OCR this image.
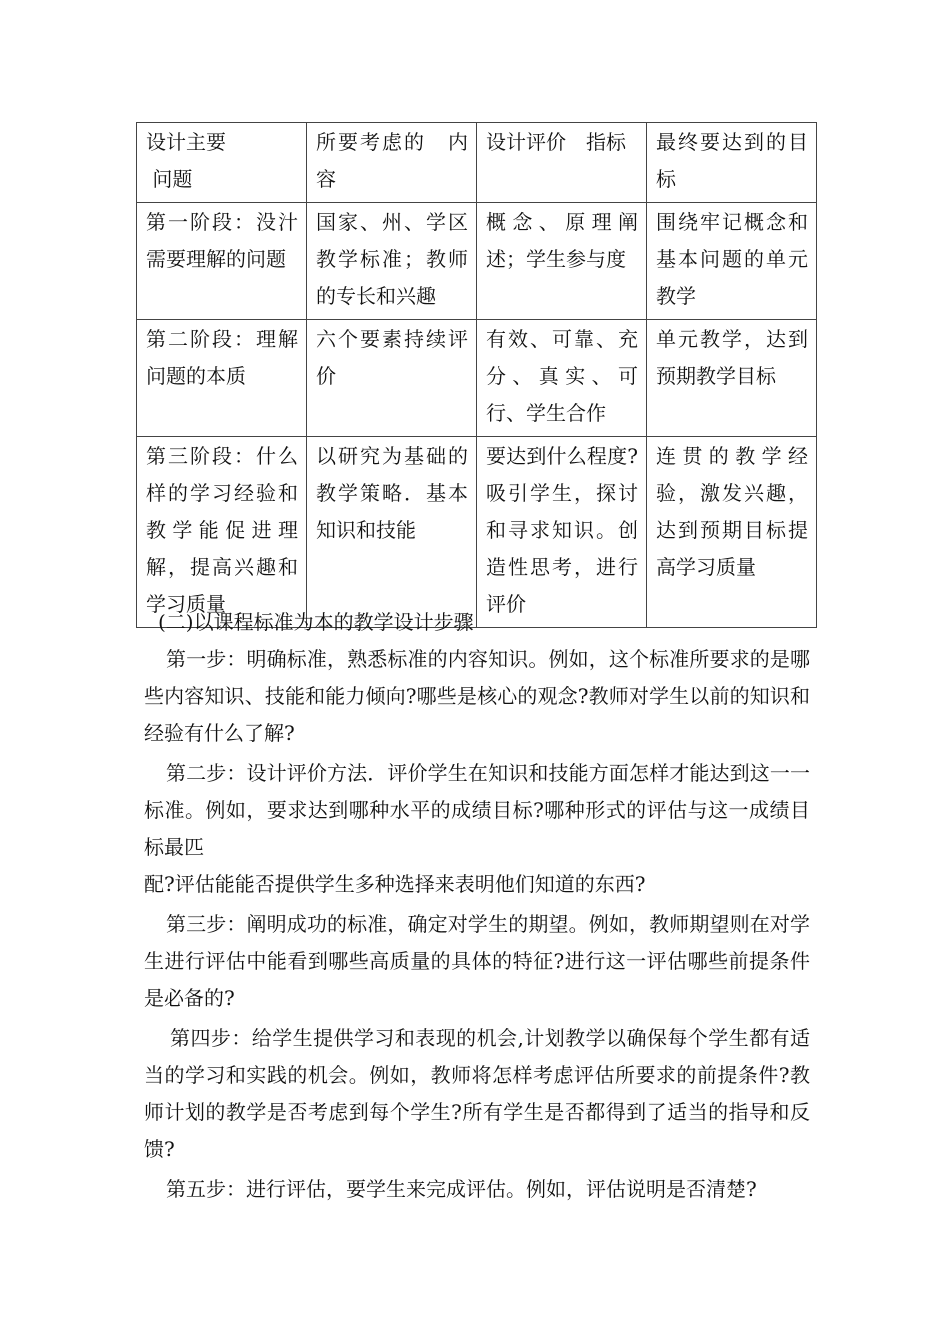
设计主要
问题	所要考虑的　内容	设计评价　指标	最终要达到的目标
第一阶段：没汁需要理解的问题	国家、州、学区教学标准；教师的专长和兴趣	概念、原理阐述；学生参与度	围绕牢记概念和基本问题的单元教学
第二阶段：理解问题的本质	六个要素持续评价	有效、可靠、充分、真实、可行、学生合作	单元教学，达到预期教学目标
第三阶段：什么样的学习经验和教学能促进理解，提高兴趣和学习质量	以研究为基础的教学策略．基本知识和技能	要达到什么程度?吸引学生，探讨和寻求知识。创造性思考，进行评价	连贯的教学经验，激发兴趣，达到预期目标提高学习质量
(二)以课程标准为本的教学设计步骤

第一步：明确标准，熟悉标准的内容知识。例如，这个标准所要求的是哪些内容知识、技能和能力倾向?哪些是核心的观念?教师对学生以前的知识和经验有什么了解?

第二步：设计评价方法．评价学生在知识和技能方面怎样才能达到这一一标准。例如，要求达到哪种水平的成绩目标?哪种形式的评估与这一成绩目标最匹

配?评估能能否提供学生多种选择来表明他们知道的东西?

第三步：阐明成功的标准，确定对学生的期望。例如，教师期望则在对学生进行评估中能看到哪些高质量的具体的特征?进行这一评估哪些前提条件是必备的?

第四步：给学生提供学习和表现的机会,计划教学以确保每个学生都有适当的学习和实践的机会。例如，教师将怎样考虑评估所要求的前提条件?教师计划的教学是否考虑到每个学生?所有学生是否都得到了适当的指导和反馈?

第五步：进行评估，要学生来完成评估。例如，评估说明是否清楚?
